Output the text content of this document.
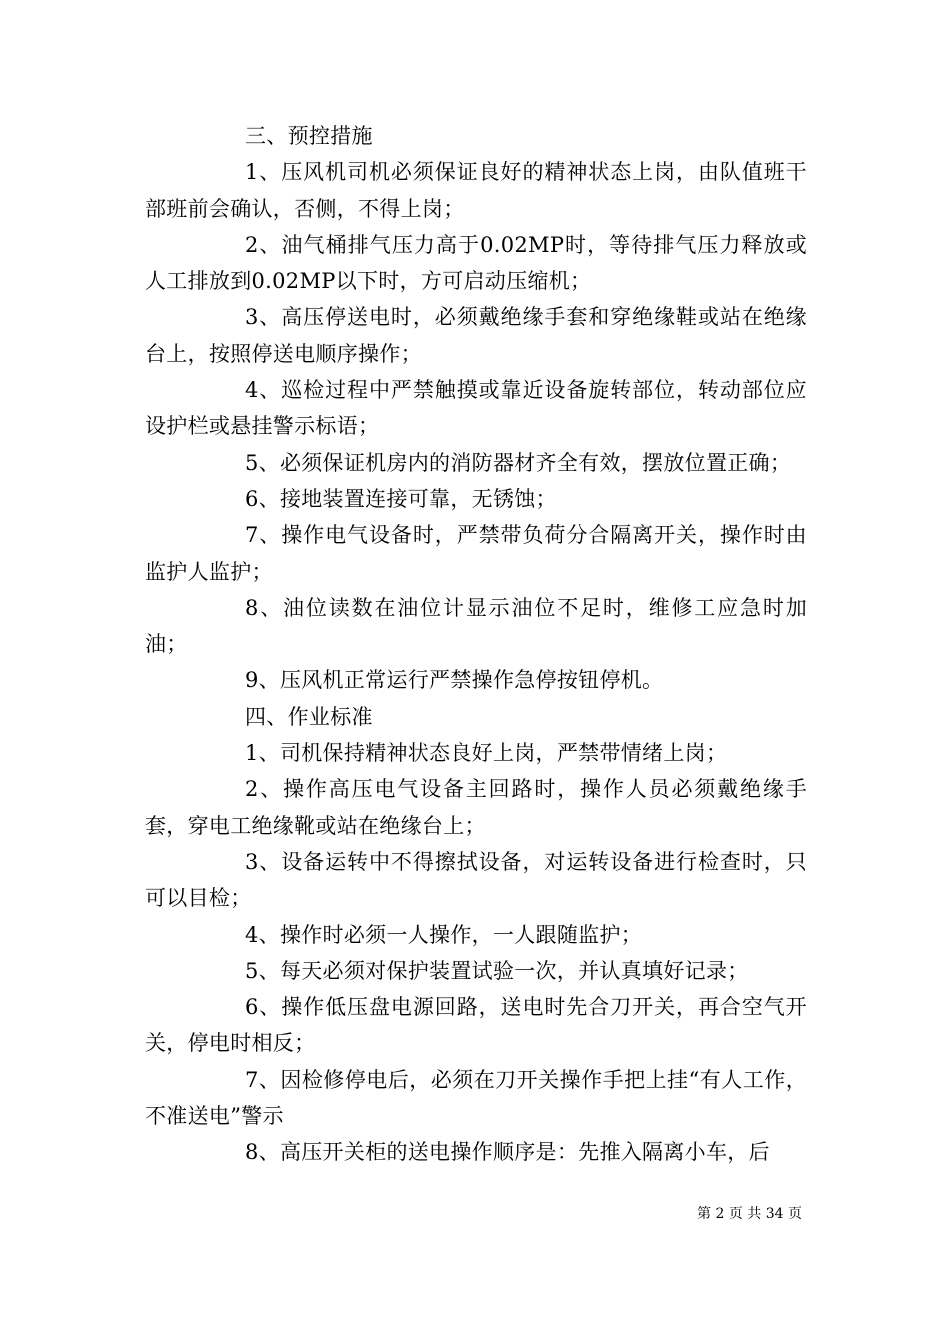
三、预控措施

1、压风机司机必须保证良好的精神状态上岗，由队值班干部班前会确认，否侧，不得上岗；

2、油气桶排气压力高于0.02MP时，等待排气压力释放或人工排放到0.02MP以下时，方可启动压缩机；

3、高压停送电时，必须戴绝缘手套和穿绝缘鞋或站在绝缘台上，按照停送电顺序操作；

4、巡检过程中严禁触摸或靠近设备旋转部位，转动部位应设护栏或悬挂警示标语；

5、必须保证机房内的消防器材齐全有效，摆放位置正确；

6、接地装置连接可靠，无锈蚀；

7、操作电气设备时，严禁带负荷分合隔离开关，操作时由监护人监护；

8、油位读数在油位计显示油位不足时，维修工应急时加油；

9、压风机正常运行严禁操作急停按钮停机。

四、作业标准

1、司机保持精神状态良好上岗，严禁带情绪上岗；

2、操作高压电气设备主回路时，操作人员必须戴绝缘手套，穿电工绝缘靴或站在绝缘台上；

3、设备运转中不得擦拭设备，对运转设备进行检查时，只可以目检；

4、操作时必须一人操作，一人跟随监护；

5、每天必须对保护装置试验一次，并认真填好记录；

6、操作低压盘电源回路，送电时先合刀开关，再合空气开关，停电时相反；

7、因检修停电后，必须在刀开关操作手把上挂“有人工作，不准送电”警示

8、高压开关柜的送电操作顺序是：先推入隔离小车，后

第 2 页 共 34 页
